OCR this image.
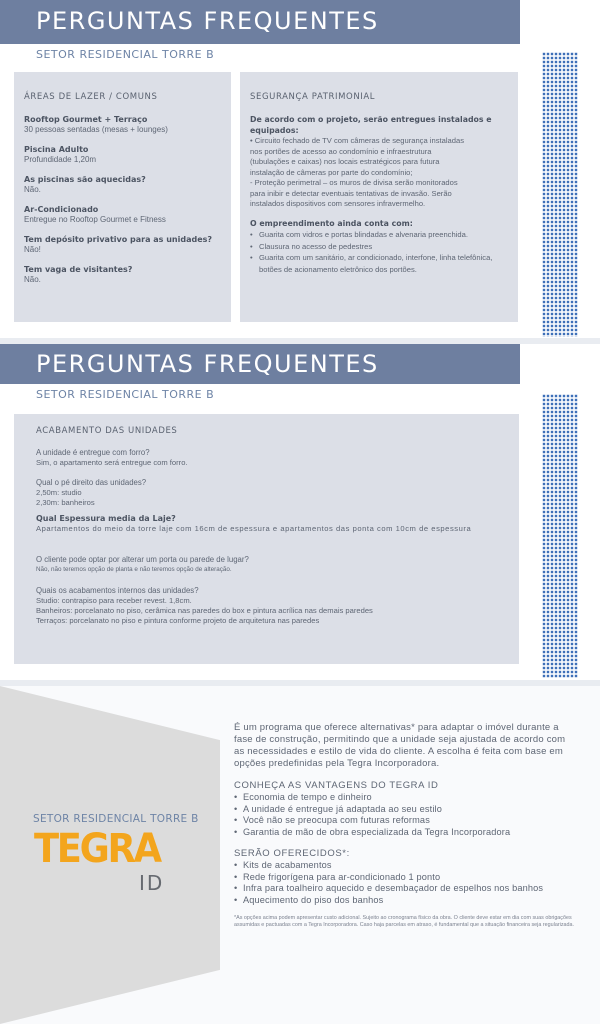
PERGUNTAS FREQUENTES
SETOR RESIDENCIAL TORRE B
ÁREAS DE LAZER / COMUNS
Rooftop Gourmet + Terraço
30 pessoas sentadas (mesas + lounges)
Piscina Adulto
Profundidade 1,20m
As piscinas são aquecidas?
Não.
Ar-Condicionado
Entregue no Rooftop Gourmet e Fitness
Tem depósito privativo para as unidades?
Não!
Tem vaga de visitantes?
Não.
SEGURANÇA PATRIMONIAL
De acordo com o projeto, serão entregues instalados e equipados:
• Circuito fechado de TV com câmeras de segurança instaladas
nos portões de acesso ao condomínio e infraestrutura
(tubulações e caixas) nos locais estratégicos para futura
instalação de câmeras por parte do condomínio;
- Proteção perimetral – os muros de divisa serão monitorados
para inibir e detectar eventuais tentativas de invasão. Serão
instalados dispositivos com sensores infravermelho.
O empreendimento ainda conta com:
• Guarita com vidros e portas blindadas e alvenaria preenchida.
• Clausura no acesso de pedestres
• Guarita com um sanitário, ar condicionado, interfone, linha telefônica, botões de acionamento eletrônico dos portões.
PERGUNTAS FREQUENTES
SETOR RESIDENCIAL TORRE B
ACABAMENTO DAS UNIDADES
A unidade é entregue com forro?
Sim, o apartamento será entregue com forro.
Qual o pé direito das unidades?
2,50m: studio
2,30m: banheiros
Qual Espessura media da Laje?
Apartamentos do meio da torre laje com 16cm de espessura e apartamentos das ponta com 10cm de espessura
O cliente pode optar por alterar um porta ou parede de lugar?
Não, não teremos opção de planta e não teremos opção de alteração.
Quais os acabamentos internos das unidades?
Studio: contrapiso para receber revest. 1,8cm.
Banheiros: porcelanato no piso, cerâmica nas paredes do box e pintura acrílica nas demais paredes
Terraços: porcelanato no piso e pintura conforme projeto de arquitetura nas paredes
SETOR RESIDENCIAL TORRE B
TEGRA
ID
É um programa que oferece alternativas* para adaptar o imóvel durante a fase de construção, permitindo que a unidade seja ajustada de acordo com as necessidades e estilo de vida do cliente. A escolha é feita com base em opções predefinidas pela Tegra Incorporadora.
CONHEÇA AS VANTAGENS DO TEGRA ID
• Economia de tempo e dinheiro
• A unidade é entregue já adaptada ao seu estilo
• Você não se preocupa com futuras reformas
• Garantia de mão de obra especializada da Tegra Incorporadora
SERÃO OFERECIDOS*:
• Kits de acabamentos
• Rede frigorígena para ar-condicionado 1 ponto
• Infra para toalheiro aquecido e desembaçador de espelhos nos banhos
• Aquecimento do piso dos banhos
*As opções acima podem apresentar custo adicional. Sujeito ao cronograma físico da obra. O cliente deve estar em dia com suas obrigações assumidas e pactuadas com a Tegra Incorporadora. Caso haja parcelas em atraso, é fundamental que a situação financeira seja regularizada.
